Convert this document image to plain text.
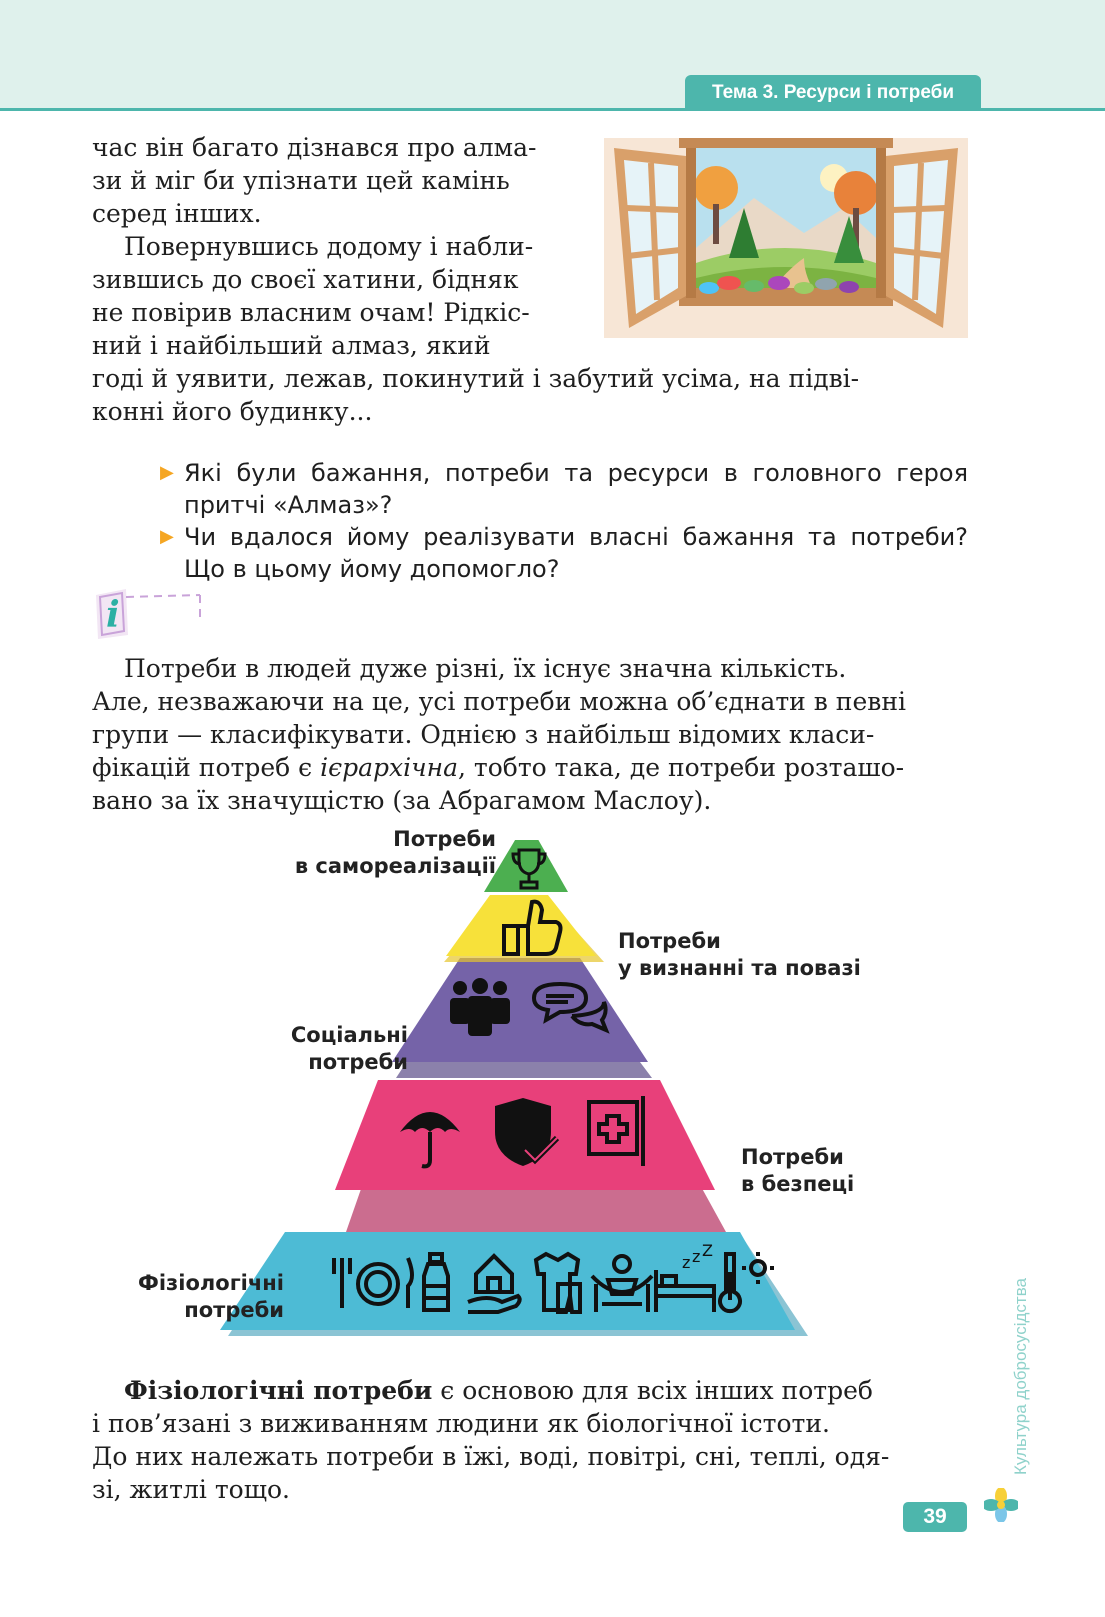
Тема 3. Ресурси і потреби

час він багато дізнався про алма-

зи й міг би упізнати цей камінь

серед інших.

Повернувшись додому і набли-

зившись до своєї хатини, бідняк

не повірив власним очам! Рідкіс-

ний і найбільший алмаз, який

годі й уявити, лежав, покинутий і забутий усіма, на підві-

конні його будинку...

▶ Які були бажання, потреби та ресурси в головного героя притчі «Алмаз»?
▶ Чи вдалося йому реалізувати власні бажання та потреби? Що в цьому йому допомогло?
i

Потреби в людей дуже різні, їх існує значна кількість.

Але, незважаючи на це, усі потреби можна об’єднати в певні

групи — класифікувати. Однією з найбільш відомих класи-

фікацій потреб є ієрархічна, тобто така, де потреби розташо-

вано за їх значущістю (за Абрагамом Маслоу).

z z Z

Потреби

в самореалізації

Потреби

у визнанні та повазі

Соціальні

потреби

Потреби

в безпеці

Фізіологічні

потреби

Фізіологічні потреби є основою для всіх інших потреб

і пов’язані з виживанням людини як біологічної істоти.

До них належать потреби в їжі, воді, повітрі, сні, теплі, одя-

зі, житлі тощо.

Культура добросусідства
39
